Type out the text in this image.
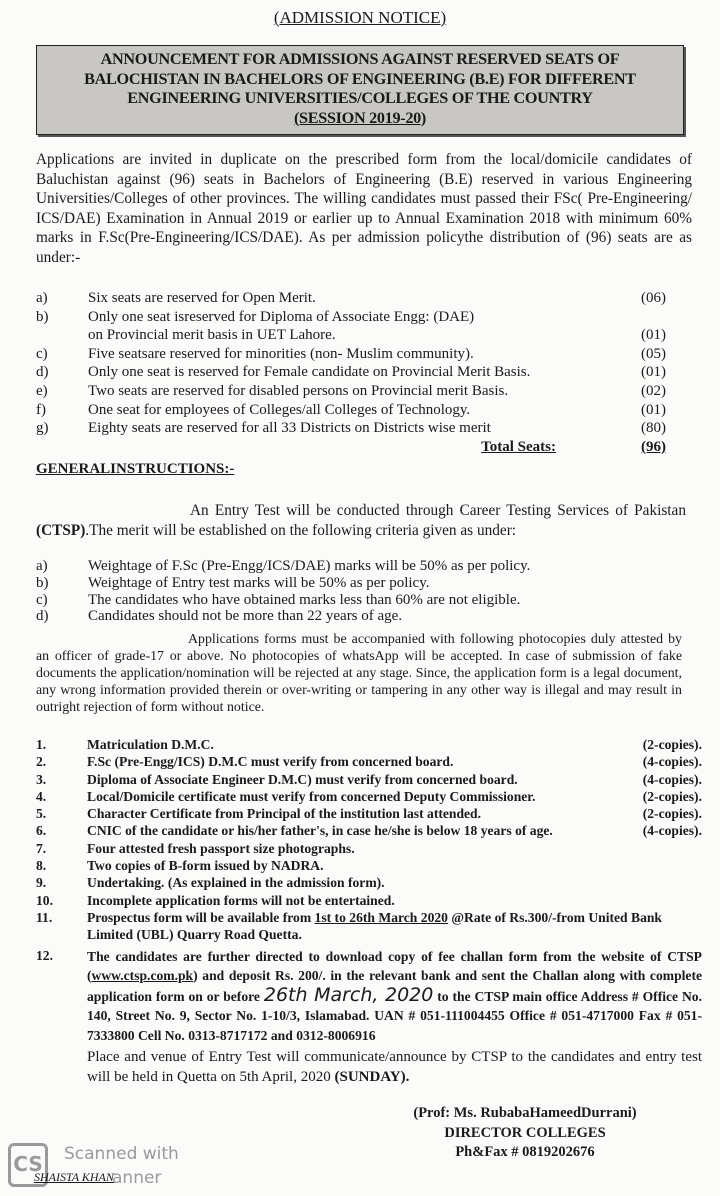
(ADMISSION NOTICE)
ANNOUNCEMENT FOR ADMISSIONS AGAINST RESERVED SEATS OF
BALOCHISTAN IN BACHELORS OF ENGINEERING (B.E) FOR DIFFERENT
ENGINEERING UNIVERSITIES/COLLEGES OF THE COUNTRY
(SESSION 2019-20)

Applications are invited in duplicate on the prescribed form from the local/domicile candidates of Baluchistan against (96) seats in Bachelors of Engineering (B.E) reserved in various Engineering Universities/Colleges of other provinces. The willing candidates must passed their FSc( Pre-Engineering/ ICS/DAE) Examination in Annual 2019 or earlier up to Annual Examination 2018 with minimum 60% marks in F.Sc(Pre-Engineering/ICS/DAE). As per admission policythe distribution of (96) seats are as under:-

a)	Six seats are reserved for Open Merit.	(06)
b)	Only one seat isreserved for Diploma of Associate Engg: (DAE)
on Provincial merit basis in UET Lahore.	(01)
c)	Five seatsare reserved for minorities (non- Muslim community).	(05)
d)	Only one seat is reserved for Female candidate on Provincial Merit Basis.	(01)
e)	Two seats are reserved for disabled persons on Provincial merit Basis.	(02)
f)	One seat for employees of Colleges/all Colleges of Technology.	(01)
g)	Eighty seats are reserved for all 33 Districts on Districts wise merit	(80)
Total Seats:	(96)
GENERALINSTRUCTIONS:-

An Entry Test will be conducted through Career Testing Services of Pakistan (CTSP).The merit will be established on the following criteria given as under:

a)	Weightage of F.Sc (Pre-Engg/ICS/DAE) marks will be 50% as per policy.
b)	Weightage of Entry test marks will be 50% as per policy.
c)	The candidates who have obtained marks less than 60% are not eligible.
d)	Candidates should not be more than 22 years of age.

Applications forms must be accompanied with following photocopies duly attested by an officer of grade-17 or above. No photocopies of whatsApp will be accepted. In case of submission of fake documents the application/nomination will be rejected at any stage. Since, the application form is a legal document, any wrong information provided therein or over-writing or tampering in any other way is illegal and may result in outright rejection of form without notice.

1.	Matriculation D.M.C.	(2-copies).
2.	F.Sc (Pre-Engg/ICS) D.M.C must verify from concerned board.	(4-copies).
3.	Diploma of Associate Engineer D.M.C) must verify from concerned board.	(4-copies).
4.	Local/Domicile certificate must verify from concerned Deputy Commissioner.	(2-copies).
5.	Character Certificate from Principal of the institution last attended.	(2-copies).
6.	CNIC of the candidate or his/her father's, in case he/she is below 18 years of age.	(4-copies).
7.	Four attested fresh passport size photographs.
8.	Two copies of B-form issued by NADRA.
9.	Undertaking. (As explained in the admission form).
10.	Incomplete application forms will not be entertained.
11.	Prospectus form will be available from 1st to 26th March 2020 @Rate of Rs.300/-from United Bank Limited (UBL) Quarry Road Quetta.
12.	The candidates are further directed to download copy of fee challan form from the website of CTSP (www.ctsp.com.pk) and deposit Rs. 200/. in the relevant bank and sent the Challan along with complete application form on or before 26th March, 2020 to the CTSP main office Address # Office No. 140, Street No. 9, Sector No. 1-10/3, Islamabad. UAN # 051-111004455 Office # 051-4717000 Fax # 051-7333800 Cell No. 0313-8717172 and 0312-8006916
Place and venue of Entry Test will communicate/announce by CTSP to the candidates and entry test will be held in Quetta on 5th April, 2020 (SUNDAY).
(Prof: Ms. RubabaHameedDurrani)
DIRECTOR COLLEGES
Ph&Fax # 0819202676
CS	Scanned with
anner
SHAISTA KHAN
